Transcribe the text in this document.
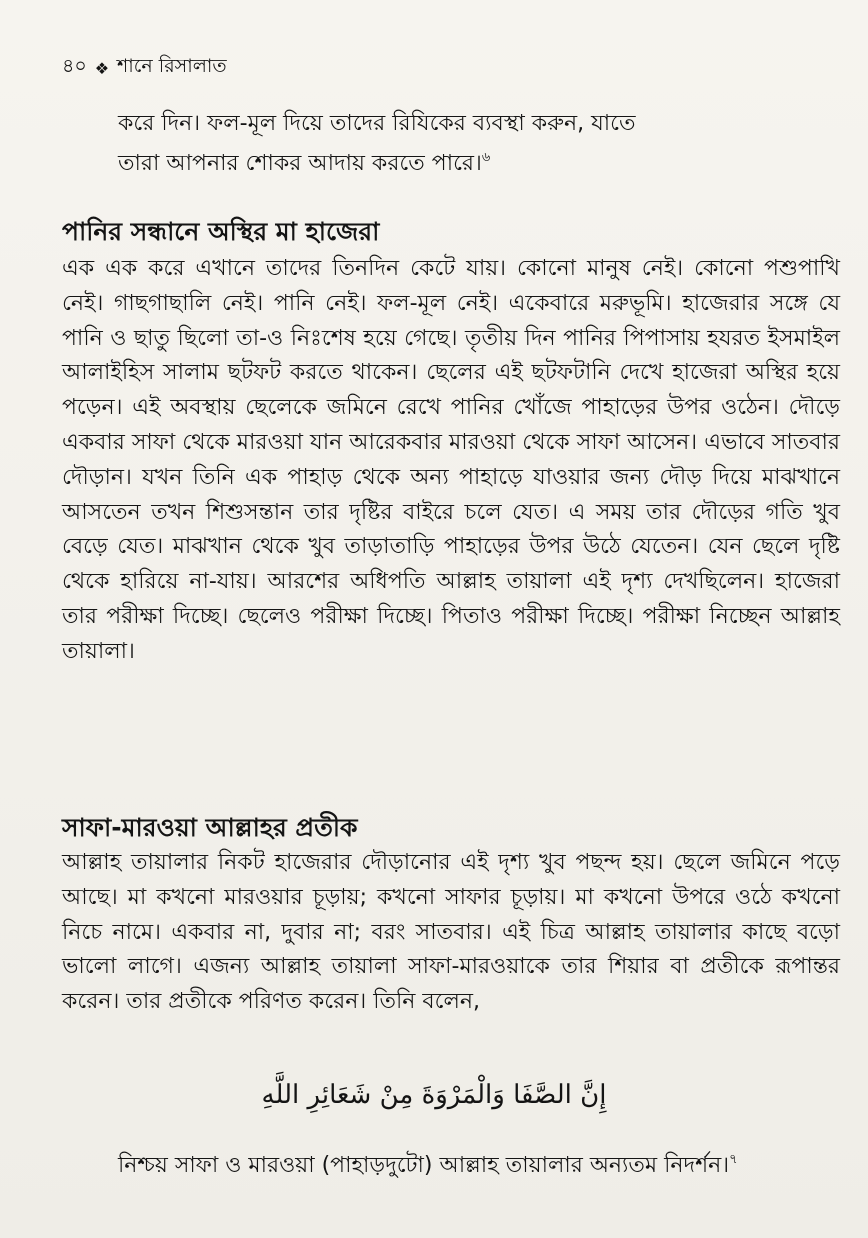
৪০ ❖ শানে রিসালাত

করে দিন। ফল-মূল দিয়ে তাদের রিযিকের ব্যবস্থা করুন, যাতে

তারা আপনার শোকর আদায় করতে পারে।$^৬$

পানির সন্ধানে অস্থির মা হাজেরা

এক এক করে এখানে তাদের তিনদিন কেটে যায়। কোনো মানুষ নেই। কোনো পশুপাখি নেই। গাছগাছালি নেই। পানি নেই। ফল-মূল নেই। একেবারে মরুভূমি। হাজেরার সঙ্গে যে পানি ও ছাতু ছিলো তা-ও নিঃশেষ হয়ে গেছে। তৃতীয় দিন পানির পিপাসায় হযরত ইসমাইল আলাইহিস সালাম ছটফট করতে থাকেন। ছেলের এই ছটফটানি দেখে হাজেরা অস্থির হয়ে পড়েন। এই অবস্থায় ছেলেকে জমিনে রেখে পানির খোঁজে পাহাড়ের উপর ওঠেন। দৌড়ে একবার সাফা থেকে মারওয়া যান আরেকবার মারওয়া থেকে সাফা আসেন। এভাবে সাতবার দৌড়ান। যখন তিনি এক পাহাড় থেকে অন্য পাহাড়ে যাওয়ার জন্য দৌড় দিয়ে মাঝখানে আসতেন তখন শিশুসন্তান তার দৃষ্টির বাইরে চলে যেত। এ সময় তার দৌড়ের গতি খুব বেড়ে যেত। মাঝখান থেকে খুব তাড়াতাড়ি পাহাড়ের উপর উঠে যেতেন। যেন ছেলে দৃষ্টি থেকে হারিয়ে না-যায়। আরশের অধিপতি আল্লাহ তায়ালা এই দৃশ্য দেখছিলেন। হাজেরা তার পরীক্ষা দিচ্ছে। ছেলেও পরীক্ষা দিচ্ছে। পিতাও পরীক্ষা দিচ্ছে। পরীক্ষা নিচ্ছেন আল্লাহ তায়ালা।

সাফা-মারওয়া আল্লাহর প্রতীক

আল্লাহ তায়ালার নিকট হাজেরার দৌড়ানোর এই দৃশ্য খুব পছন্দ হয়। ছেলে জমিনে পড়ে আছে। মা কখনো মারওয়ার চূড়ায়; কখনো সাফার চূড়ায়। মা কখনো উপরে ওঠে কখনো নিচে নামে। একবার না, দুবার না; বরং সাতবার। এই চিত্র আল্লাহ তায়ালার কাছে বড়ো ভালো লাগে। এজন্য আল্লাহ তায়ালা সাফা-মারওয়াকে তার শিয়ার বা প্রতীকে রূপান্তর করেন। তার প্রতীকে পরিণত করেন। তিনি বলেন,

إِنَّ الصَّفَا وَالْمَرْوَةَ مِنْ شَعَائِرِ اللَّهِ

নিশ্চয় সাফা ও মারওয়া (পাহাড়দুটো) আল্লাহ তায়ালার অন্যতম নিদর্শন।$^৭$
